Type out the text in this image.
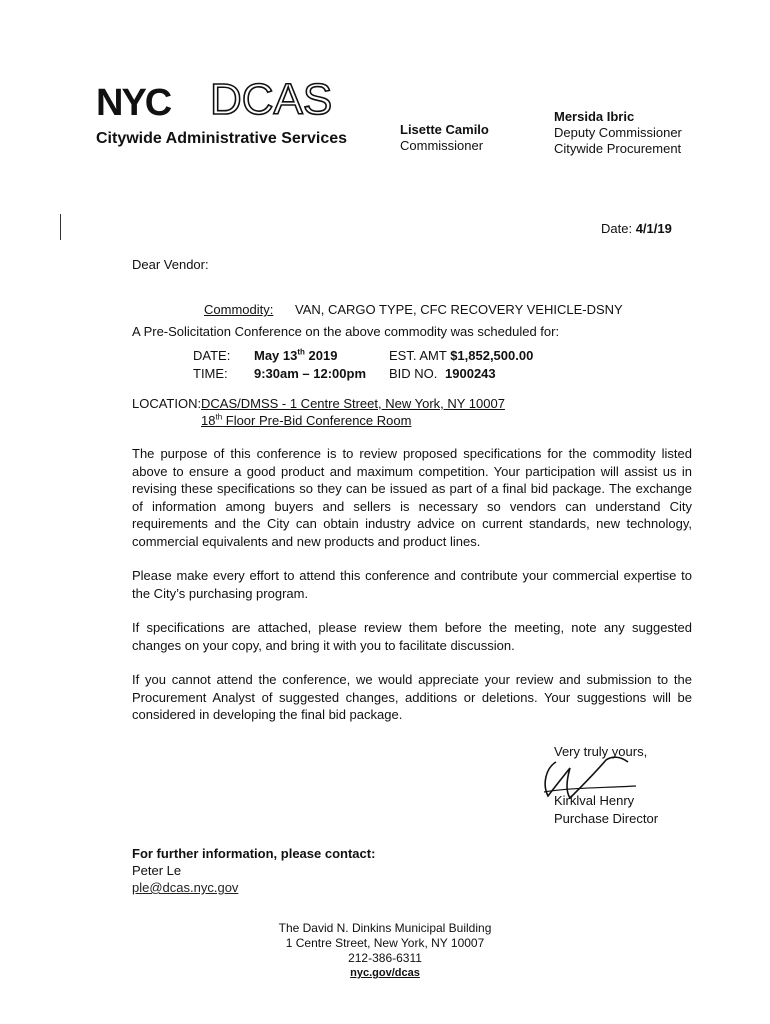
NYC DCAS
Citywide Administrative Services
Lisette Camilo
Commissioner
Mersida Ibric
Deputy Commissioner
Citywide Procurement
Date: 4/1/19
Dear Vendor:
Commodity: VAN, CARGO TYPE, CFC RECOVERY VEHICLE-DSNY
A Pre-Solicitation Conference on the above commodity was scheduled for:
DATE: May 13th 2019
TIME: 9:30am – 12:00pm
EST. AMT $1,852,500.00
BID NO. 1900243
LOCATION: DCAS/DMSS - 1 Centre Street, New York, NY 10007
18th Floor Pre-Bid Conference Room
The purpose of this conference is to review proposed specifications for the commodity listed above to ensure a good product and maximum competition. Your participation will assist us in revising these specifications so they can be issued as part of a final bid package. The exchange of information among buyers and sellers is necessary so vendors can understand City requirements and the City can obtain industry advice on current standards, new technology, commercial equivalents and new products and product lines.
Please make every effort to attend this conference and contribute your commercial expertise to the City’s purchasing program.
If specifications are attached, please review them before the meeting, note any suggested changes on your copy, and bring it with you to facilitate discussion.
If you cannot attend the conference, we would appreciate your review and submission to the Procurement Analyst of suggested changes, additions or deletions. Your suggestions will be considered in developing the final bid package.
Very truly yours,
Kirklval Henry
Purchase Director
For further information, please contact:
Peter Le
ple@dcas.nyc.gov
The David N. Dinkins Municipal Building
1 Centre Street, New York, NY 10007
212-386-6311
nyc.gov/dcas
